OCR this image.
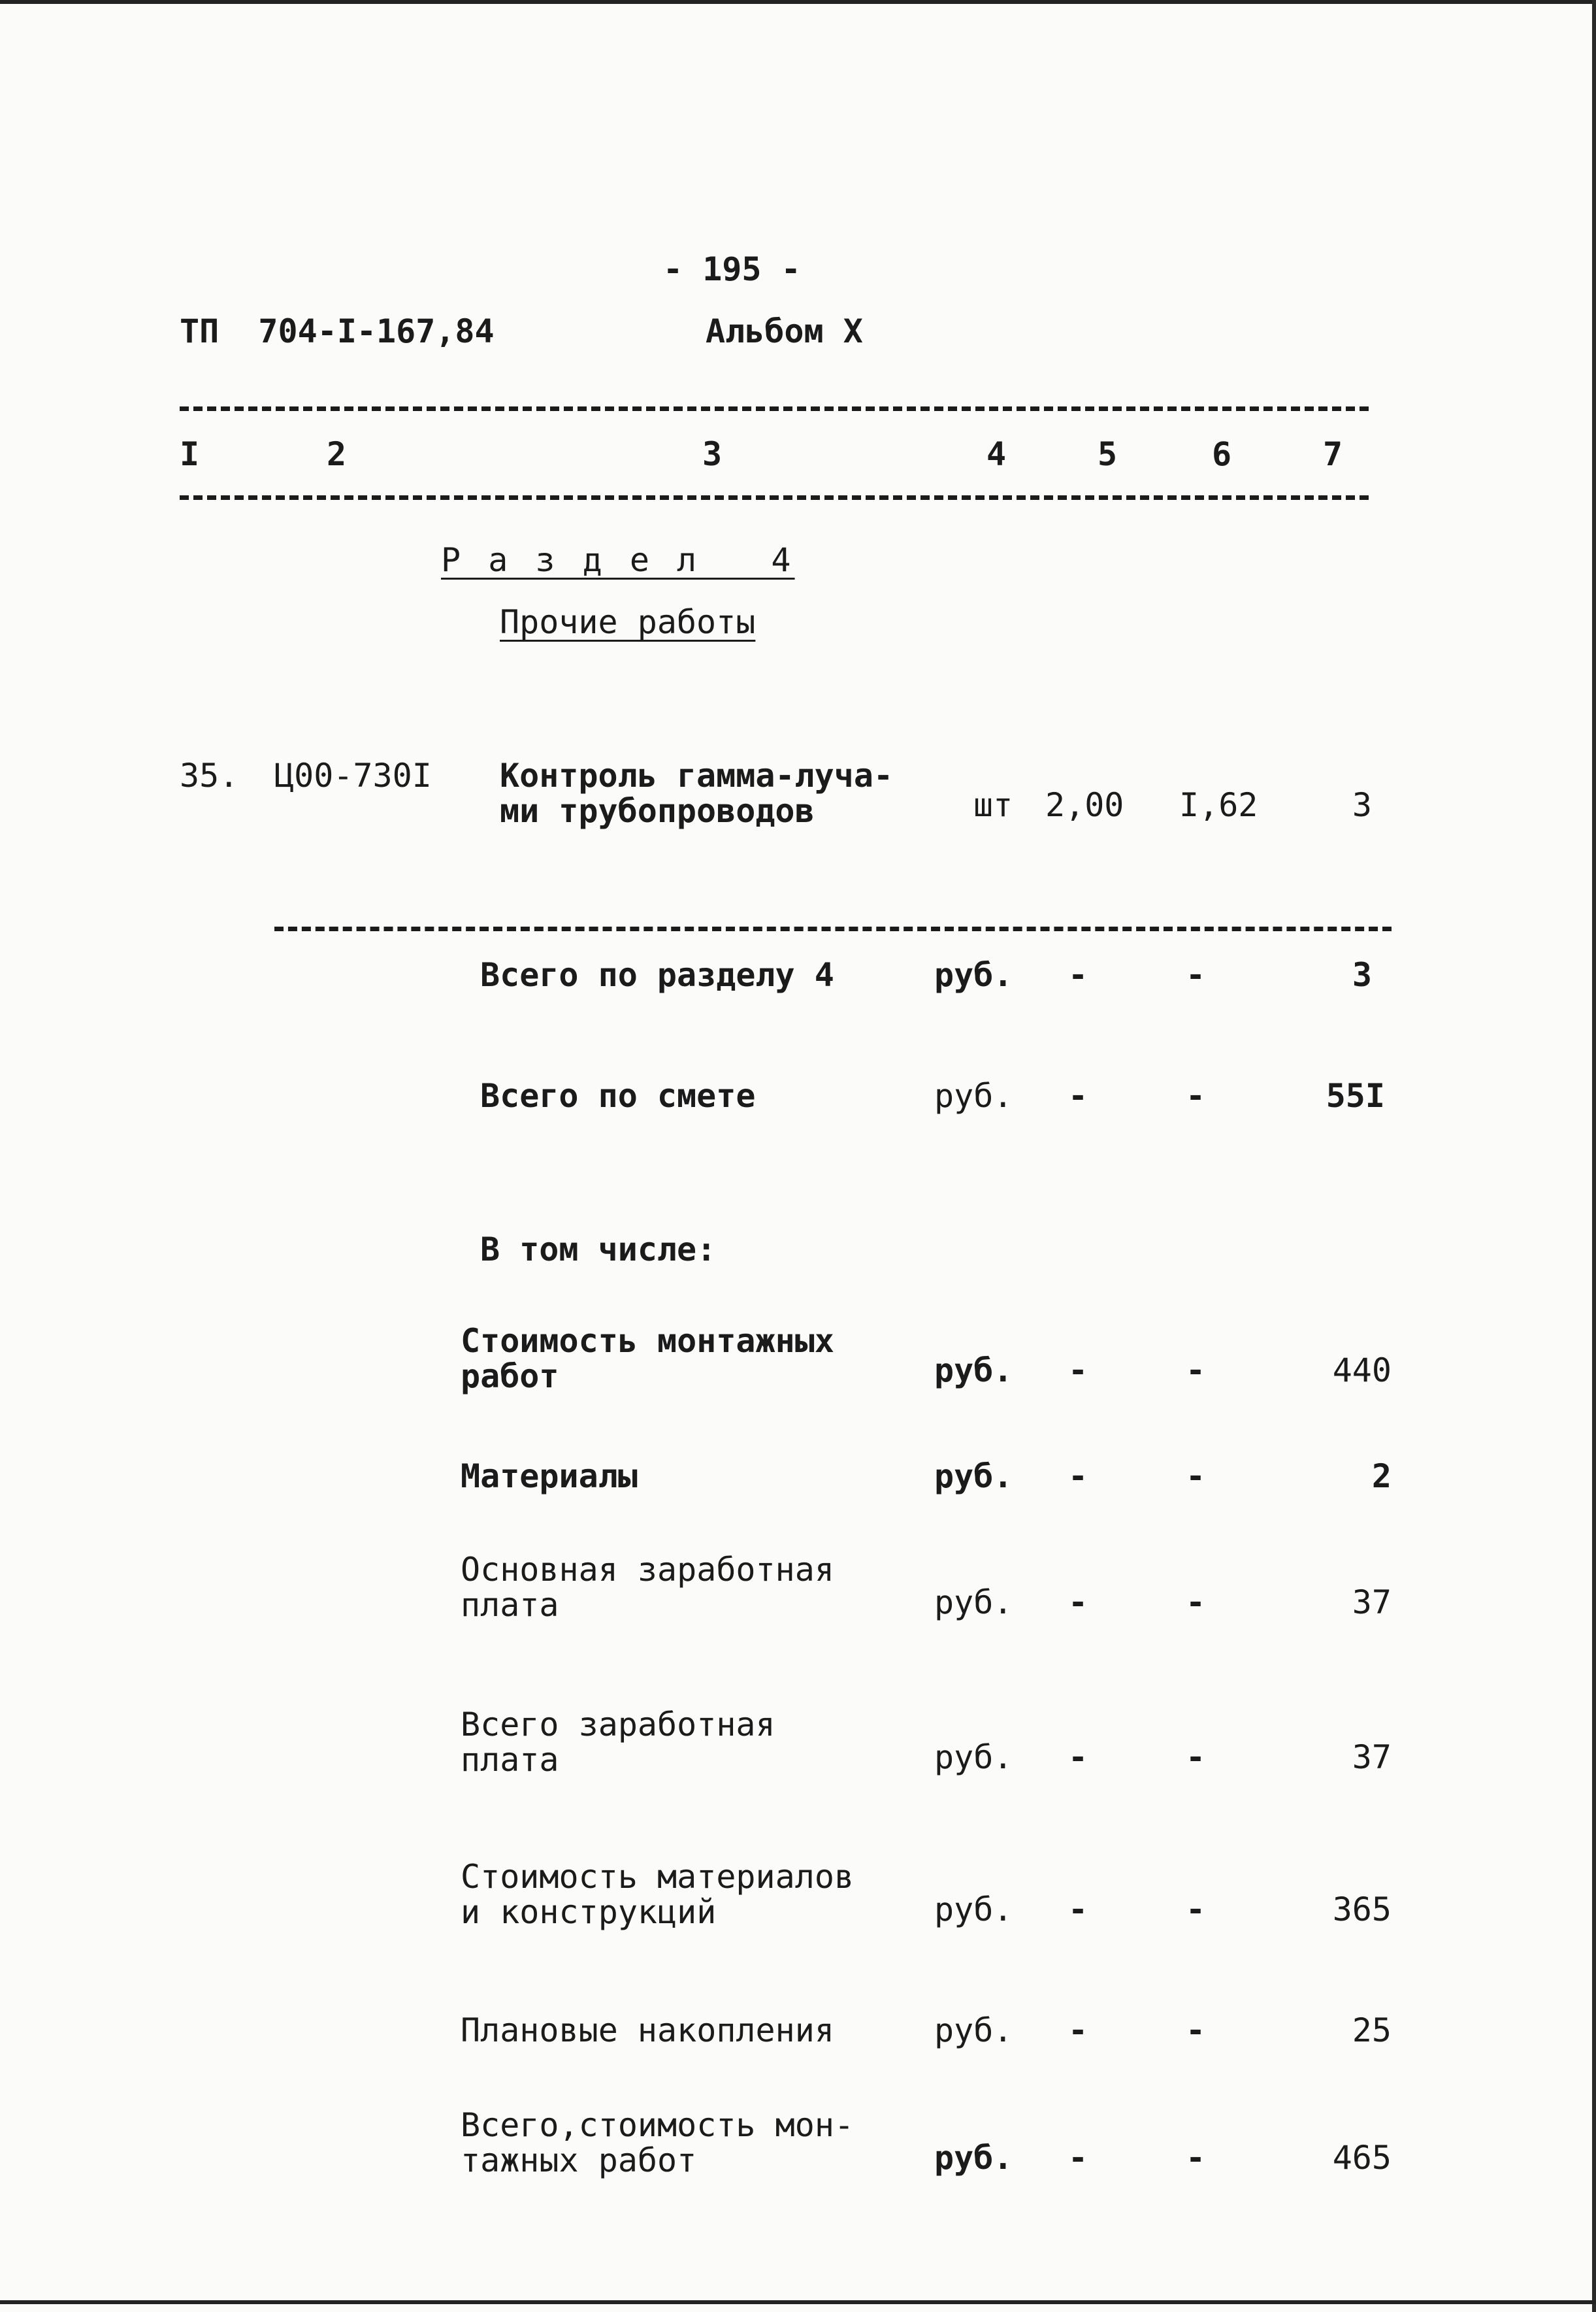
- 195 -
ТП  704-I-167,84	Альбом X
I	2	3	4	5	6	7
Р а з д е л   4
Прочие работы
35. Ц00-730I Контроль гамма-луча-
ми трубопроводов	шт 2,00 I,62	3
Всего по разделу 4	руб. -	-	3
Всего по смете	руб. -	-	55I
В том числе:
Стоимость монтажных
работ	руб. -	-	440
Материалы	руб. -	-	2
Основная заработная
плата	руб. -	-	37
Всего заработная
плата	руб. -	-	37
Стоимость материалов
и конструкций	руб. -	-	365
Плановые накопления	руб. -	-	25
Всего,стоимость мон-
тажных работ	руб. -	-	465
